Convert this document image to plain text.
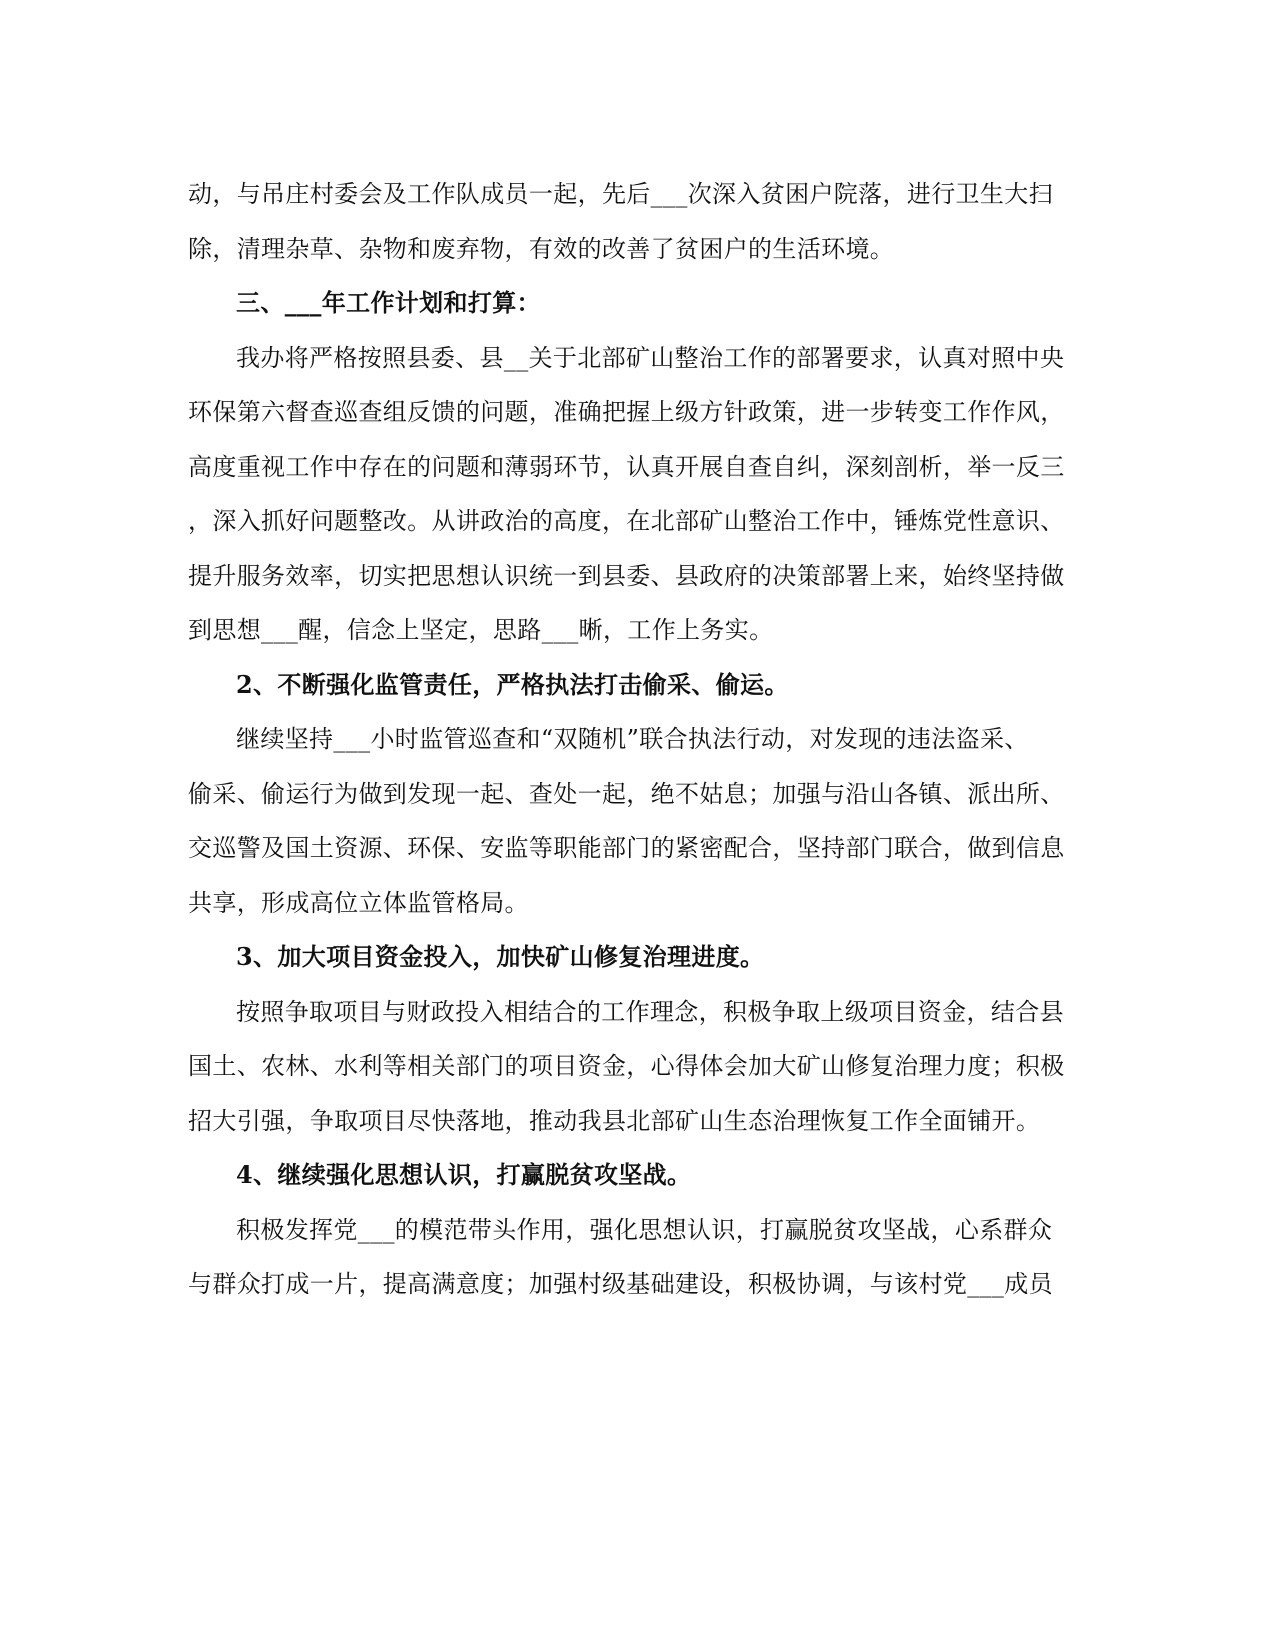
动，与吊庄村委会及工作队成员一起，先后___次深入贫困户院落，进行卫生大扫
除，清理杂草、杂物和废弃物，有效的改善了贫困户的生活环境。
三、___年工作计划和打算：
我办将严格按照县委、县__关于北部矿山整治工作的部署要求，认真对照中央
环保第六督查巡查组反馈的问题，准确把握上级方针政策，进一步转变工作作风，
高度重视工作中存在的问题和薄弱环节，认真开展自查自纠，深刻剖析，举一反三
，深入抓好问题整改。从讲政治的高度，在北部矿山整治工作中，锤炼党性意识、
提升服务效率，切实把思想认识统一到县委、县政府的决策部署上来，始终坚持做
到思想___醒，信念上坚定，思路___晰，工作上务实。
2、不断强化监管责任，严格执法打击偷采、偷运。
继续坚持___小时监管巡查和“双随机”联合执法行动，对发现的违法盗采、
偷采、偷运行为做到发现一起、查处一起，绝不姑息；加强与沿山各镇、派出所、
交巡警及国土资源、环保、安监等职能部门的紧密配合，坚持部门联合，做到信息
共享，形成高位立体监管格局。
3、加大项目资金投入，加快矿山修复治理进度。
按照争取项目与财政投入相结合的工作理念，积极争取上级项目资金，结合县
国土、农林、水利等相关部门的项目资金，心得体会加大矿山修复治理力度；积极
招大引强，争取项目尽快落地，推动我县北部矿山生态治理恢复工作全面铺开。
4、继续强化思想认识，打赢脱贫攻坚战。
积极发挥党___的模范带头作用，强化思想认识，打赢脱贫攻坚战，心系群众
与群众打成一片，提高满意度；加强村级基础建设，积极协调，与该村党___成员
